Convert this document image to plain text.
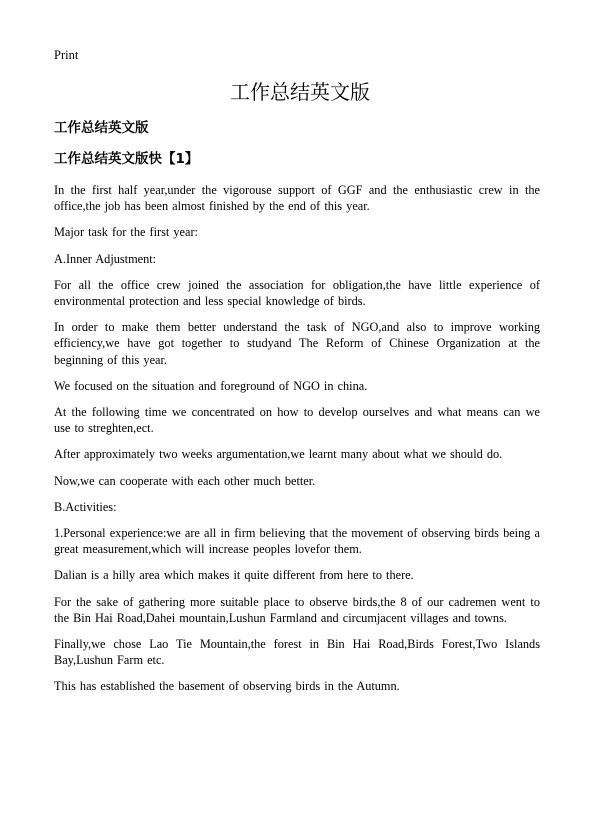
Print
工作总结英文版
工作总结英文版
工作总结英文版快【1】

In the first half year,under the vigorouse support of GGF and the enthusiastic crew in the office,the job has been almost finished by the end of this year.

Major task for the first year:

A.Inner Adjustment:

For all the office crew joined the association for obligation,the have little experience of environmental protection and less special knowledge of birds.

In order to make them better understand the task of NGO,and also to improve working efficiency,we have got together to studyand The Reform of Chinese Organization at the beginning of this year.

We focused on the situation and foreground of NGO in china.

At the following time we concentrated on how to develop ourselves and what means can we use to streghten,ect.

After approximately two weeks argumentation,we learnt many about what we should do.

Now,we can cooperate with each other much better.

B.Activities:

1.Personal experience:we are all in firm believing that the movement of observing birds being a great measurement,which will increase peoples lovefor them.

Dalian is a hilly area which makes it quite different from here to there.

For the sake of gathering more suitable place to observe birds,the 8 of our cadremen went to the Bin Hai Road,Dahei mountain,Lushun Farmland and circumjacent villages and towns.

Finally,we chose Lao Tie Mountain,the forest in Bin Hai Road,Birds Forest,Two Islands Bay,Lushun Farm etc.

This has established the basement of observing birds in the Autumn.
